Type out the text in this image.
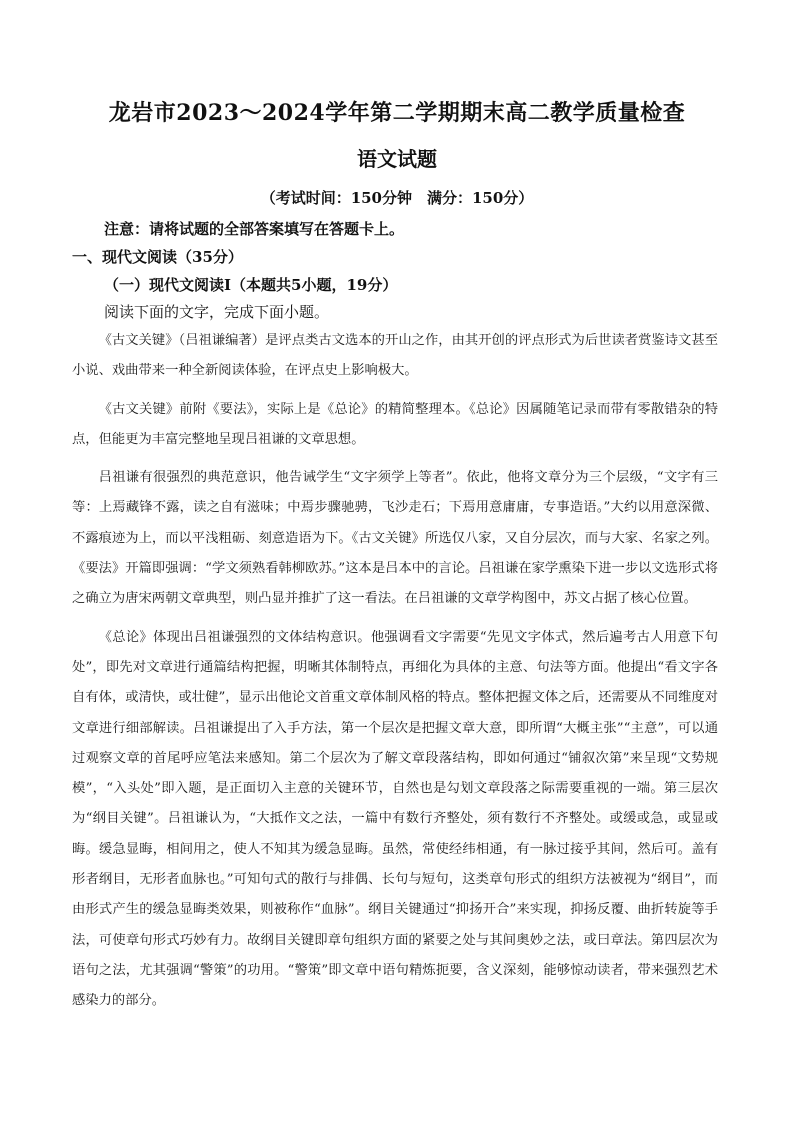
龙岩市2023～2024学年第二学期期末高二教学质量检查
语文试题
（考试时间：150分钟　满分：150分）
注意：请将试题的全部答案填写在答题卡上。
一、现代文阅读（35分）
（一）现代文阅读Ⅰ（本题共5小题，19分）
阅读下面的文字，完成下面小题。

《古文关键》（吕祖谦编著）是评点类古文选本的开山之作，由其开创的评点形式为后世读者赏鉴诗文甚至小说、戏曲带来一种全新阅读体验，在评点史上影响极大。

《古文关键》前附《要法》，实际上是《总论》的精简整理本。《总论》因属随笔记录而带有零散错杂的特点，但能更为丰富完整地呈现吕祖谦的文章思想。

吕祖谦有很强烈的典范意识，他告诫学生“文字须学上等者”。依此，他将文章分为三个层级，“文字有三等：上焉藏锋不露，读之自有滋味；中焉步骤驰骋，飞沙走石；下焉用意庸庸，专事造语。”大约以用意深微、不露痕迹为上，而以平浅粗砺、刻意造语为下。《古文关键》所选仅八家，又自分层次，而与大家、名家之列。《要法》开篇即强调：“学文须熟看韩柳欧苏。”这本是吕本中的言论。吕祖谦在家学熏染下进一步以文选形式将之确立为唐宋两朝文章典型，则凸显并推扩了这一看法。在吕祖谦的文章学构图中，苏文占据了核心位置。

《总论》体现出吕祖谦强烈的文体结构意识。他强调看文字需要“先见文字体式，然后遍考古人用意下句处”，即先对文章进行通篇结构把握，明晰其体制特点，再细化为具体的主意、句法等方面。他提出“看文字各自有体，或清快，或壮健”，显示出他论文首重文章体制风格的特点。整体把握文体之后，还需要从不同维度对文章进行细部解读。吕祖谦提出了入手方法，第一个层次是把握文章大意，即所谓“大概主张”“主意”，可以通过观察文章的首尾呼应笔法来感知。第二个层次为了解文章段落结构，即如何通过“铺叙次第”来呈现“文势规模”，“入头处”即入题，是正面切入主意的关键环节，自然也是勾划文章段落之际需要重视的一端。第三层次为“纲目关键”。吕祖谦认为，“大抵作文之法，一篇中有数行齐整处，须有数行不齐整处。或缓或急，或显或晦。缓急显晦，相间用之，使人不知其为缓急显晦。虽然，常使经纬相通，有一脉过接乎其间，然后可。盖有形者纲目，无形者血脉也。”可知句式的散行与排偶、长句与短句，这类章句形式的组织方法被视为“纲目”，而由形式产生的缓急显晦类效果，则被称作“血脉”。纲目关键通过“抑扬开合”来实现，抑扬反覆、曲折转旋等手法，可使章句形式巧妙有力。故纲目关键即章句组织方面的紧要之处与其间奥妙之法，或曰章法。第四层次为语句之法，尤其强调“警策”的功用。“警策”即文章中语句精炼扼要，含义深刻，能够惊动读者，带来强烈艺术感染力的部分。
